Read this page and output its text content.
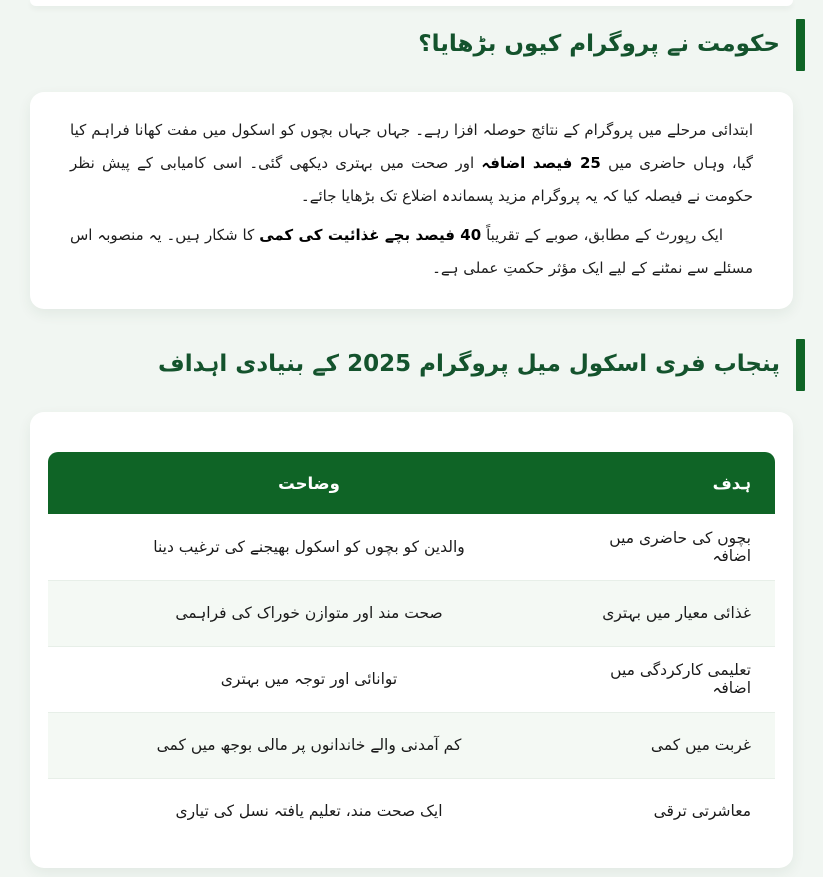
حکومت نے پروگرام کیوں بڑھایا؟

ابتدائی مرحلے میں پروگرام کے نتائج حوصلہ افزا رہے۔ جہاں جہاں بچوں کو اسکول میں مفت کھانا فراہم کیا گیا، وہاں حاضری میں 25 فیصد اضافہ اور صحت میں بہتری دیکھی گئی۔ اسی کامیابی کے پیش نظر حکومت نے فیصلہ کیا کہ یہ پروگرام مزید پسماندہ اضلاع تک بڑھایا جائے۔

ایک رپورٹ کے مطابق، صوبے کے تقریباً 40 فیصد بچے غذائیت کی کمی کا شکار ہیں۔ یہ منصوبہ اس مسئلے سے نمٹنے کے لیے ایک مؤثر حکمتِ عملی ہے۔

پنجاب فری اسکول میل پروگرام 2025 کے بنیادی اہداف
ہدف	وضاحت
بچوں کی حاضری میں اضافہ	والدین کو بچوں کو اسکول بھیجنے کی ترغیب دینا
غذائی معیار میں بہتری	صحت مند اور متوازن خوراک کی فراہمی
تعلیمی کارکردگی میں اضافہ	توانائی اور توجہ میں بہتری
غربت میں کمی	کم آمدنی والے خاندانوں پر مالی بوجھ میں کمی
معاشرتی ترقی	ایک صحت مند، تعلیم یافتہ نسل کی تیاری
